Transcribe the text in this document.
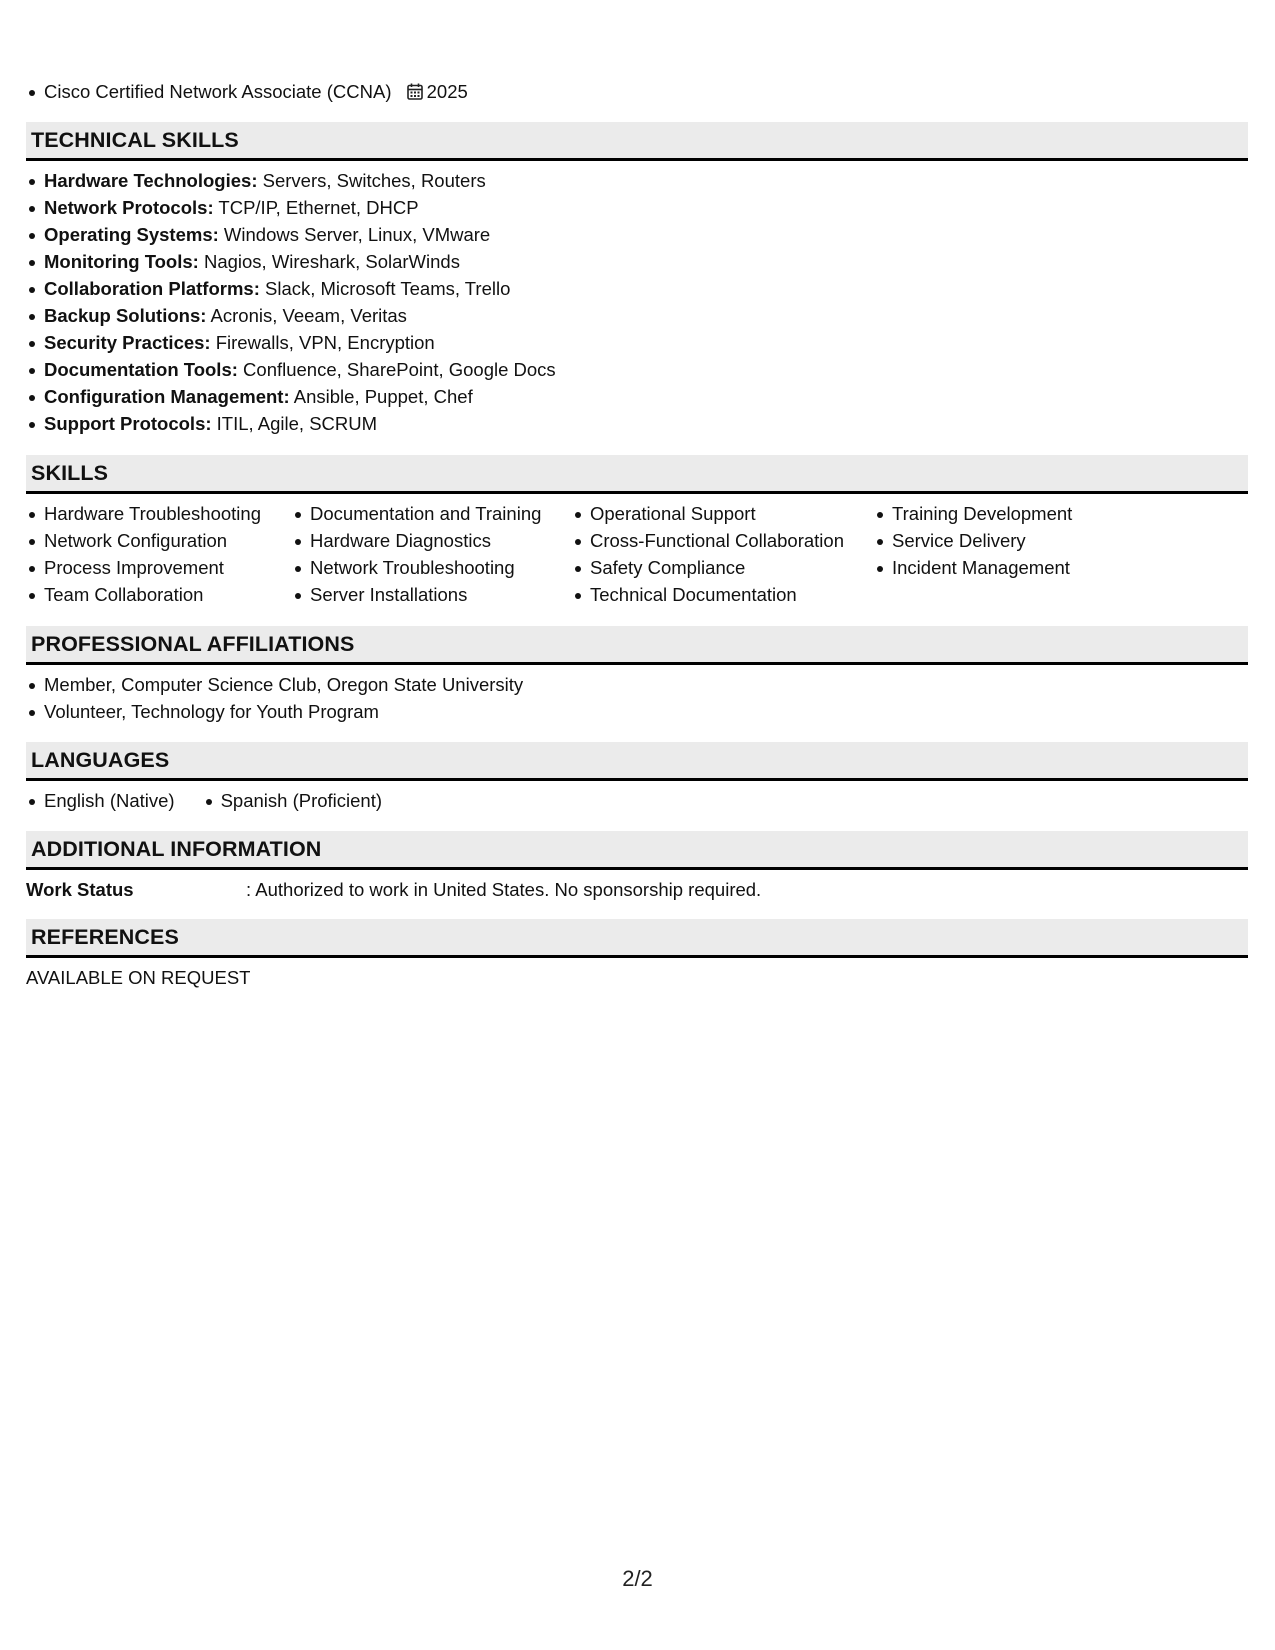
Cisco Certified Network Associate (CCNA) 2025
TECHNICAL SKILLS
Hardware Technologies: Servers, Switches, Routers
Network Protocols: TCP/IP, Ethernet, DHCP
Operating Systems: Windows Server, Linux, VMware
Monitoring Tools: Nagios, Wireshark, SolarWinds
Collaboration Platforms: Slack, Microsoft Teams, Trello
Backup Solutions: Acronis, Veeam, Veritas
Security Practices: Firewalls, VPN, Encryption
Documentation Tools: Confluence, SharePoint, Google Docs
Configuration Management: Ansible, Puppet, Chef
Support Protocols: ITIL, Agile, SCRUM
SKILLS
Hardware Troubleshooting
Network Configuration
Process Improvement
Team Collaboration
Documentation and Training
Hardware Diagnostics
Network Troubleshooting
Server Installations
Operational Support
Cross-Functional Collaboration
Safety Compliance
Technical Documentation
Training Development
Service Delivery
Incident Management
PROFESSIONAL AFFILIATIONS
Member, Computer Science Club, Oregon State University
Volunteer, Technology for Youth Program
LANGUAGES
English (Native)	Spanish (Proficient)
ADDITIONAL INFORMATION
Work Status	: Authorized to work in United States. No sponsorship required.
REFERENCES
AVAILABLE ON REQUEST
2/2
